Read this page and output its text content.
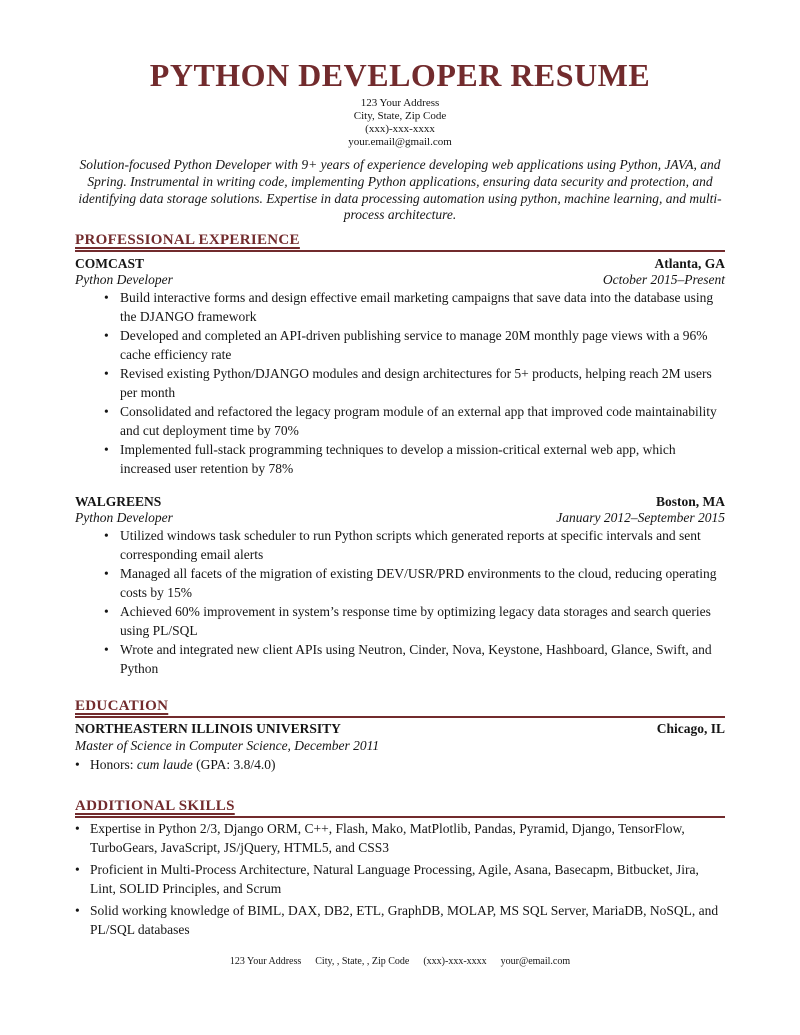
PYTHON DEVELOPER RESUME
123 Your Address
City, State, Zip Code
(xxx)-xxx-xxxx
your.email@gmail.com

Solution-focused Python Developer with 9+ years of experience developing web applications using Python, JAVA, and Spring. Instrumental in writing code, implementing Python applications, ensuring data security and protection, and identifying data storage solutions. Expertise in data processing automation using python, machine learning, and multi-process architecture.

PROFESSIONAL EXPERIENCE
COMCAST	Atlanta, GA
Python Developer	October 2015–Present
• Build interactive forms and design effective email marketing campaigns that save data into the database using the DJANGO framework
• Developed and completed an API-driven publishing service to manage 20M monthly page views with a 96% cache efficiency rate
• Revised existing Python/DJANGO modules and design architectures for 5+ products, helping reach 2M users per month
• Consolidated and refactored the legacy program module of an external app that improved code maintainability and cut deployment time by 70%
• Implemented full-stack programming techniques to develop a mission-critical external web app, which increased user retention by 78%
WALGREENS	Boston, MA
Python Developer	January 2012–September 2015
• Utilized windows task scheduler to run Python scripts which generated reports at specific intervals and sent corresponding email alerts
• Managed all facets of the migration of existing DEV/USR/PRD environments to the cloud, reducing operating costs by 15%
• Achieved 60% improvement in system’s response time by optimizing legacy data storages and search queries using PL/SQL
• Wrote and integrated new client APIs using Neutron, Cinder, Nova, Keystone, Hashboard, Glance, Swift, and Python
EDUCATION
NORTHEASTERN ILLINOIS UNIVERSITY	Chicago, IL
Master of Science in Computer Science, December 2011
• Honors: cum laude (GPA: 3.8/4.0)
ADDITIONAL SKILLS
• Expertise in Python 2/3, Django ORM, C++, Flash, Mako, MatPlotlib, Pandas, Pyramid, Django, TensorFlow, TurboGears, JavaScript, JS/jQuery, HTML5, and CSS3
• Proficient in Multi-Process Architecture, Natural Language Processing, Agile, Asana, Basecapm, Bitbucket, Jira, Lint, SOLID Principles, and Scrum
• Solid working knowledge of BIML, DAX, DB2, ETL, GraphDB, MOLAP, MS SQL Server, MariaDB, NoSQL, and PL/SQL databases
123 Your Address City, , State, , Zip Code (xxx)-xxx-xxxx your@email.com
